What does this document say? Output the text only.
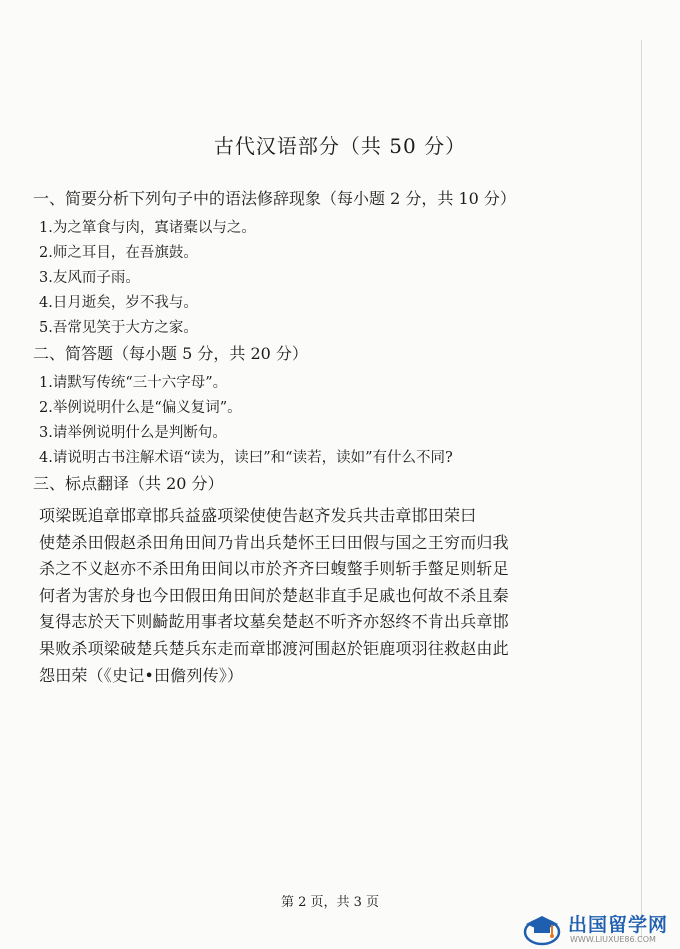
古代汉语部分（共 50 分）
一、简要分析下列句子中的语法修辞现象（每小题 2 分，共 10 分）
1.为之箪食与肉，寘诸橐以与之。
2.师之耳目，在吾旗鼓。
3.友风而子雨。
4.日月逝矣，岁不我与。
5.吾常见笑于大方之家。
二、简答题（每小题 5 分，共 20 分）
1.请默写传统“三十六字母”。
2.举例说明什么是“偏义复词”。
3.请举例说明什么是判断句。
4.请说明古书注解术语“读为，读曰”和“读若，读如”有什么不同?
三、标点翻译（共 20 分）
项梁既追章邯章邯兵益盛项梁使使告赵齐发兵共击章邯田荣曰
使楚杀田假赵杀田角田间乃肯出兵楚怀王曰田假与国之王穷而归我
杀之不义赵亦不杀田角田间以市於齐齐曰蝮螫手则斩手螫足则斩足
何者为害於身也今田假田角田间於楚赵非直手足戚也何故不杀且秦
复得志於天下则齮龁用事者坟墓矣楚赵不听齐亦怒终不肯出兵章邯
果败杀项梁破楚兵楚兵东走而章邯渡河围赵於钜鹿项羽往救赵由此
怨田荣（《史记•田儋列传》）
第 2 页，共 3 页
出国留学网
WWW.LIUXUE86.COM
